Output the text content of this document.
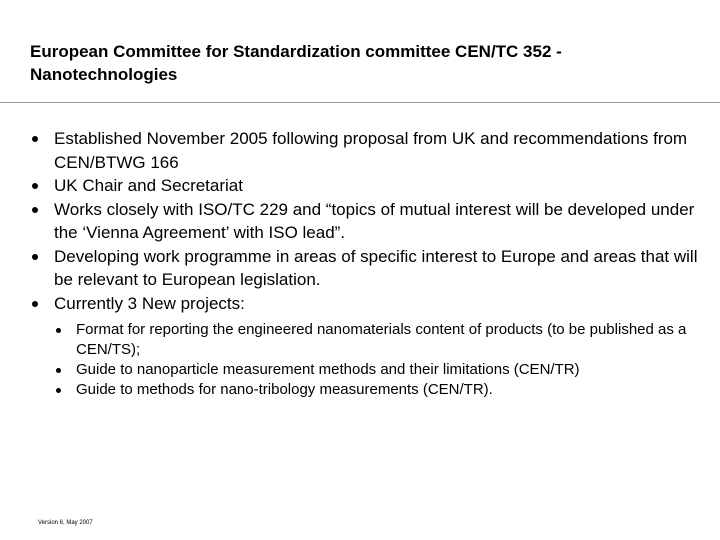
European Committee for Standardization committee CEN/TC 352 - Nanotechnologies
Established November 2005 following proposal from UK and recommendations from CEN/BTWG 166
UK Chair and Secretariat
Works closely with ISO/TC 229 and “topics of mutual interest will be developed under the ‘Vienna Agreement’ with ISO lead”.
Developing work programme in areas of specific interest to Europe and areas that will be relevant to European legislation.
Currently 3 New projects:
Format for reporting the engineered nanomaterials content of products (to be published as a CEN/TS);
Guide to nanoparticle measurement methods and their limitations (CEN/TR)
Guide to methods for nano-tribology measurements (CEN/TR).
Version 6, May 2007
